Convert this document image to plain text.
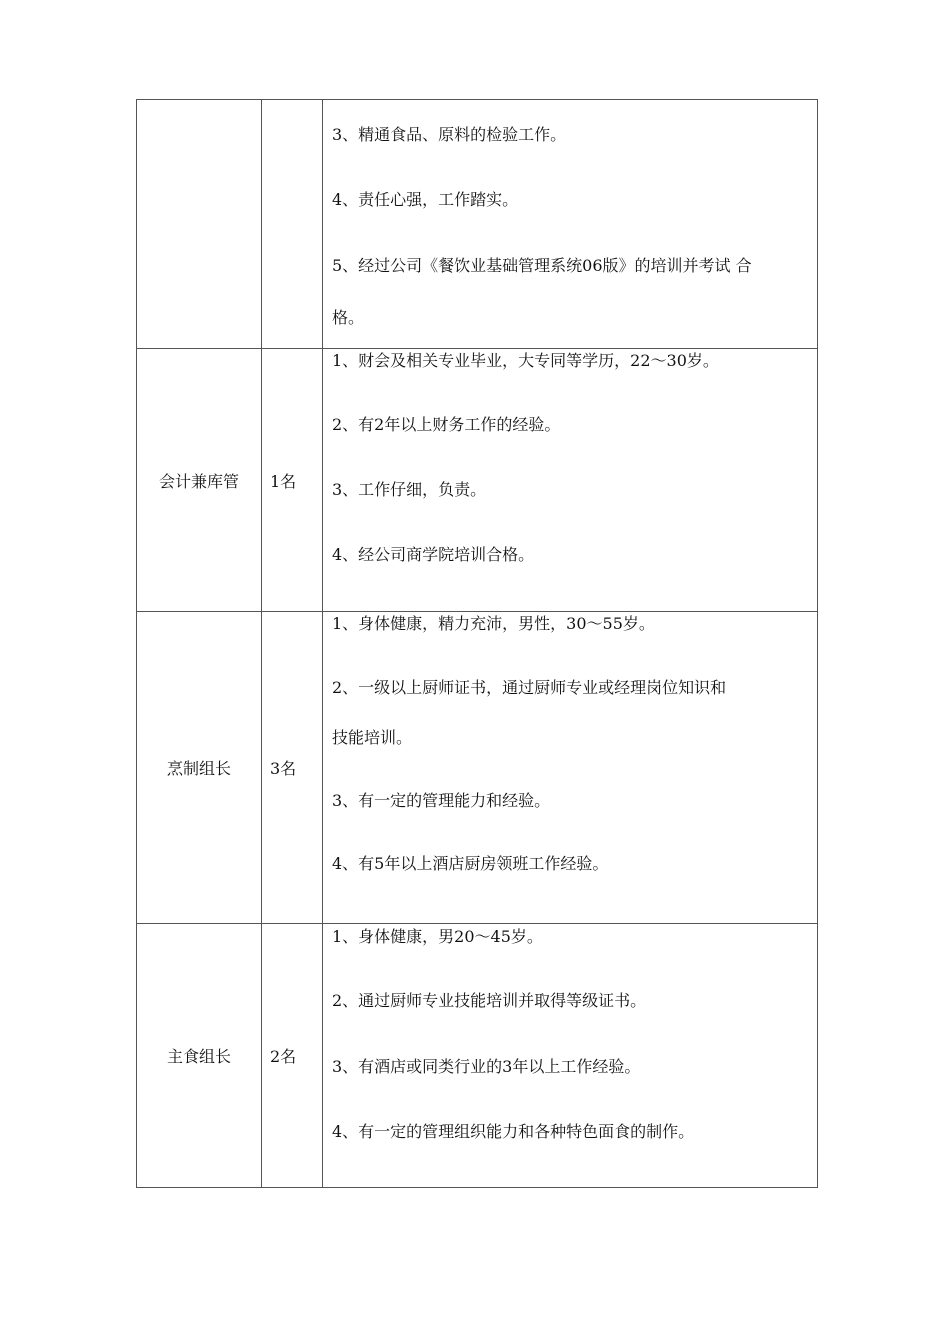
3、精通食品、原料的检验工作。
4、责任心强，工作踏实。
5、经过公司《餐饮业基础管理系统06版》的培训并考试 合
格。
会计兼库管	1名
1、财会及相关专业毕业，大专同等学历，22〜30岁。
2、有2年以上财务工作的经验。
3、工作仔细，负责。
4、经公司商学院培训合格。
烹制组长	3名
1、身体健康，精力充沛，男性，30〜55岁。
2、一级以上厨师证书，通过厨师专业或经理岗位知识和
技能培训。
3、有一定的管理能力和经验。
4、有5年以上酒店厨房领班工作经验。
主食组长	2名
1、身体健康，男20〜45岁。
2、通过厨师专业技能培训并取得等级证书。
3、有酒店或同类行业的3年以上工作经验。
4、有一定的管理组织能力和各种特色面食的制作。
